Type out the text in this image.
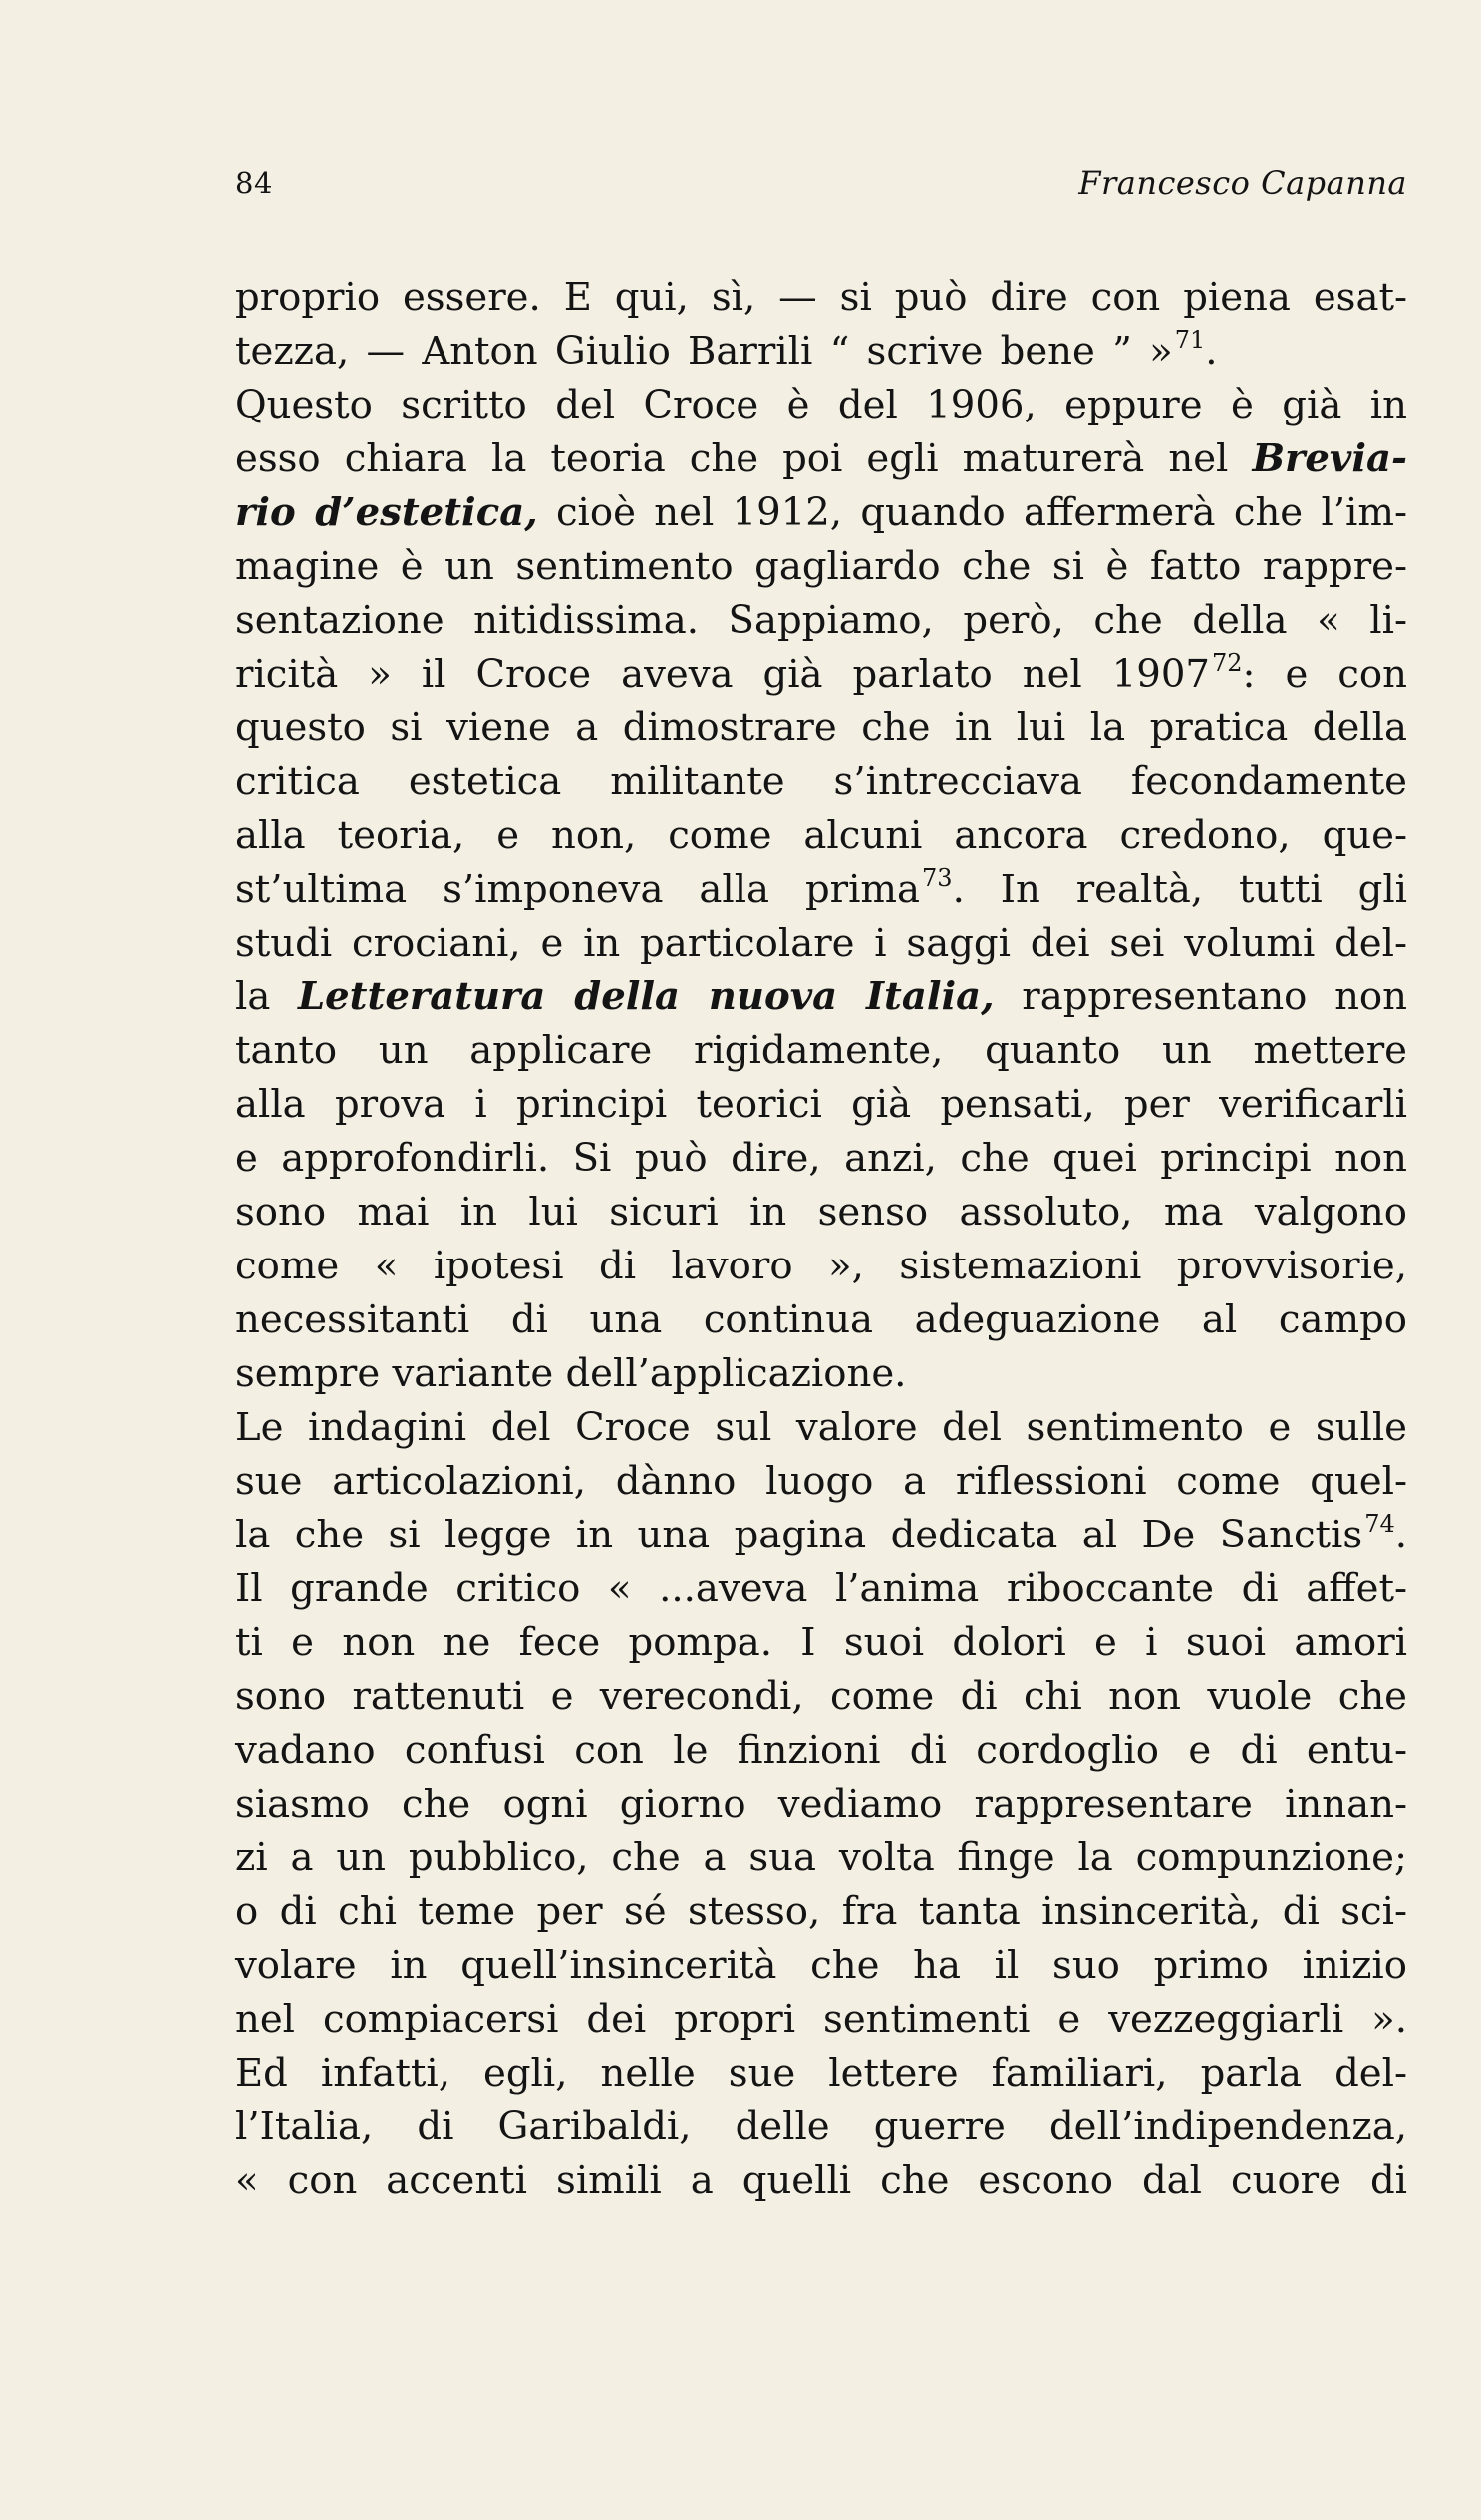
84	Francesco Capanna
proprio essere. E qui, sì, — si può dire con piena esat-
tezza, — Anton Giulio Barrili “ scrive bene ” »$^{71}$.
Questo scritto del Croce è del 1906, eppure è già in
esso chiara la teoria che poi egli maturerà nel Brevia-
rio d’estetica, cioè nel 1912, quando affermerà che l’im-
magine è un sentimento gagliardo che si è fatto rappre-
sentazione nitidissima. Sappiamo, però, che della « li-
ricità » il Croce aveva già parlato nel 1907$^{72}$: e con
questo si viene a dimostrare che in lui la pratica della
critica estetica militante s’intrecciava fecondamente
alla teoria, e non, come alcuni ancora credono, que-
st’ultima s’imponeva alla prima$^{73}$. In realtà, tutti gli
studi crociani, e in particolare i saggi dei sei volumi del-
la Letteratura della nuova Italia, rappresentano non
tanto un applicare rigidamente, quanto un mettere
alla prova i principi teorici già pensati, per verificarli
e approfondirli. Si può dire, anzi, che quei principi non
sono mai in lui sicuri in senso assoluto, ma valgono
come « ipotesi di lavoro », sistemazioni provvisorie,
necessitanti di una continua adeguazione al campo
sempre variante dell’applicazione.
Le indagini del Croce sul valore del sentimento e sulle
sue articolazioni, dànno luogo a riflessioni come quel-
la che si legge in una pagina dedicata al De Sanctis$^{74}$.
Il grande critico « ...aveva l’anima riboccante di affet-
ti e non ne fece pompa. I suoi dolori e i suoi amori
sono rattenuti e verecondi, come di chi non vuole che
vadano confusi con le finzioni di cordoglio e di entu-
siasmo che ogni giorno vediamo rappresentare innan-
zi a un pubblico, che a sua volta finge la compunzione;
o di chi teme per sé stesso, fra tanta insincerità, di sci-
volare in quell’insincerità che ha il suo primo inizio
nel compiacersi dei propri sentimenti e vezzeggiarli ».
Ed infatti, egli, nelle sue lettere familiari, parla del-
l’Italia, di Garibaldi, delle guerre dell’indipendenza,
« con accenti simili a quelli che escono dal cuore di
